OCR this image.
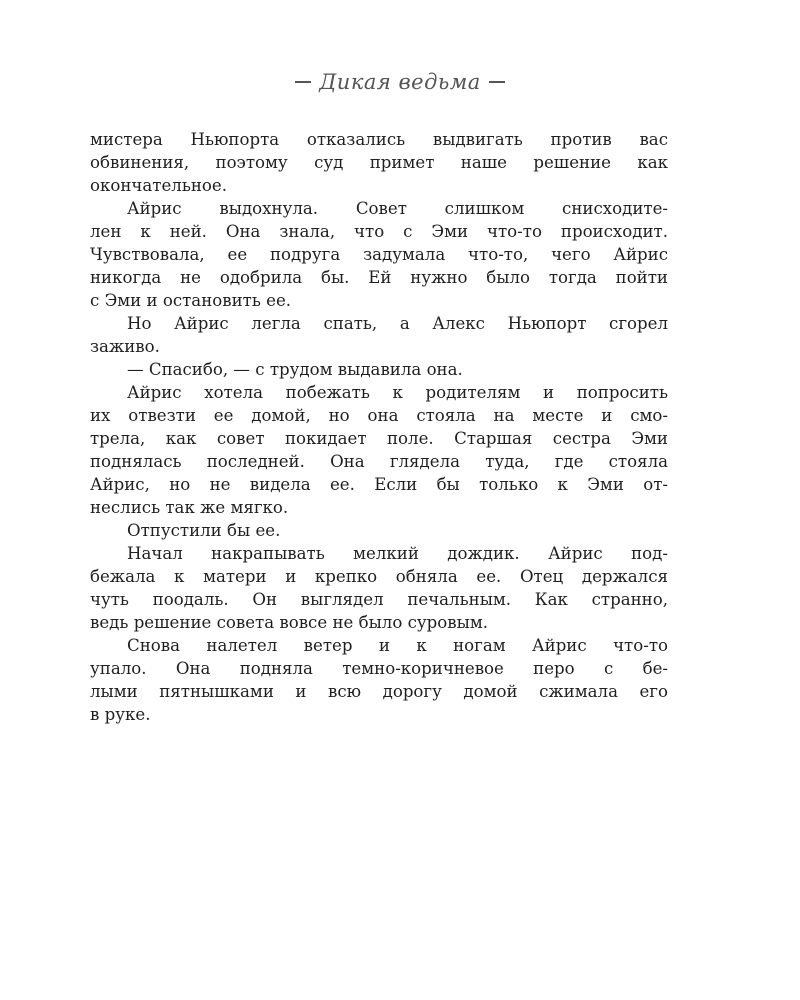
Дикая ведьма
мистера Ньюпорта отказались выдвигать против вас
обвинения, поэтому суд примет наше решение как
окончательное.
Айрис выдохнула. Совет слишком снисходите-
лен к ней. Она знала, что с Эми что-то происходит.
Чувствовала, ее подруга задумала что-то, чего Айрис
никогда не одобрила бы. Ей нужно было тогда пойти
с Эми и остановить ее.
Но Айрис легла спать, а Алекс Ньюпорт сгорел
заживо.
— Спасибо, — с трудом выдавила она.
Айрис хотела побежать к родителям и попросить
их отвезти ее домой, но она стояла на месте и смо-
трела, как совет покидает поле. Старшая сестра Эми
поднялась последней. Она глядела туда, где стояла
Айрис, но не видела ее. Если бы только к Эми от-
неслись так же мягко.
Отпустили бы ее.
Начал накрапывать мелкий дождик. Айрис под-
бежала к матери и крепко обняла ее. Отец держался
чуть поодаль. Он выглядел печальным. Как странно,
ведь решение совета вовсе не было суровым.
Снова налетел ветер и к ногам Айрис что-то
упало. Она подняла темно-коричневое перо с бе-
лыми пятнышками и всю дорогу домой сжимала его
в руке.
